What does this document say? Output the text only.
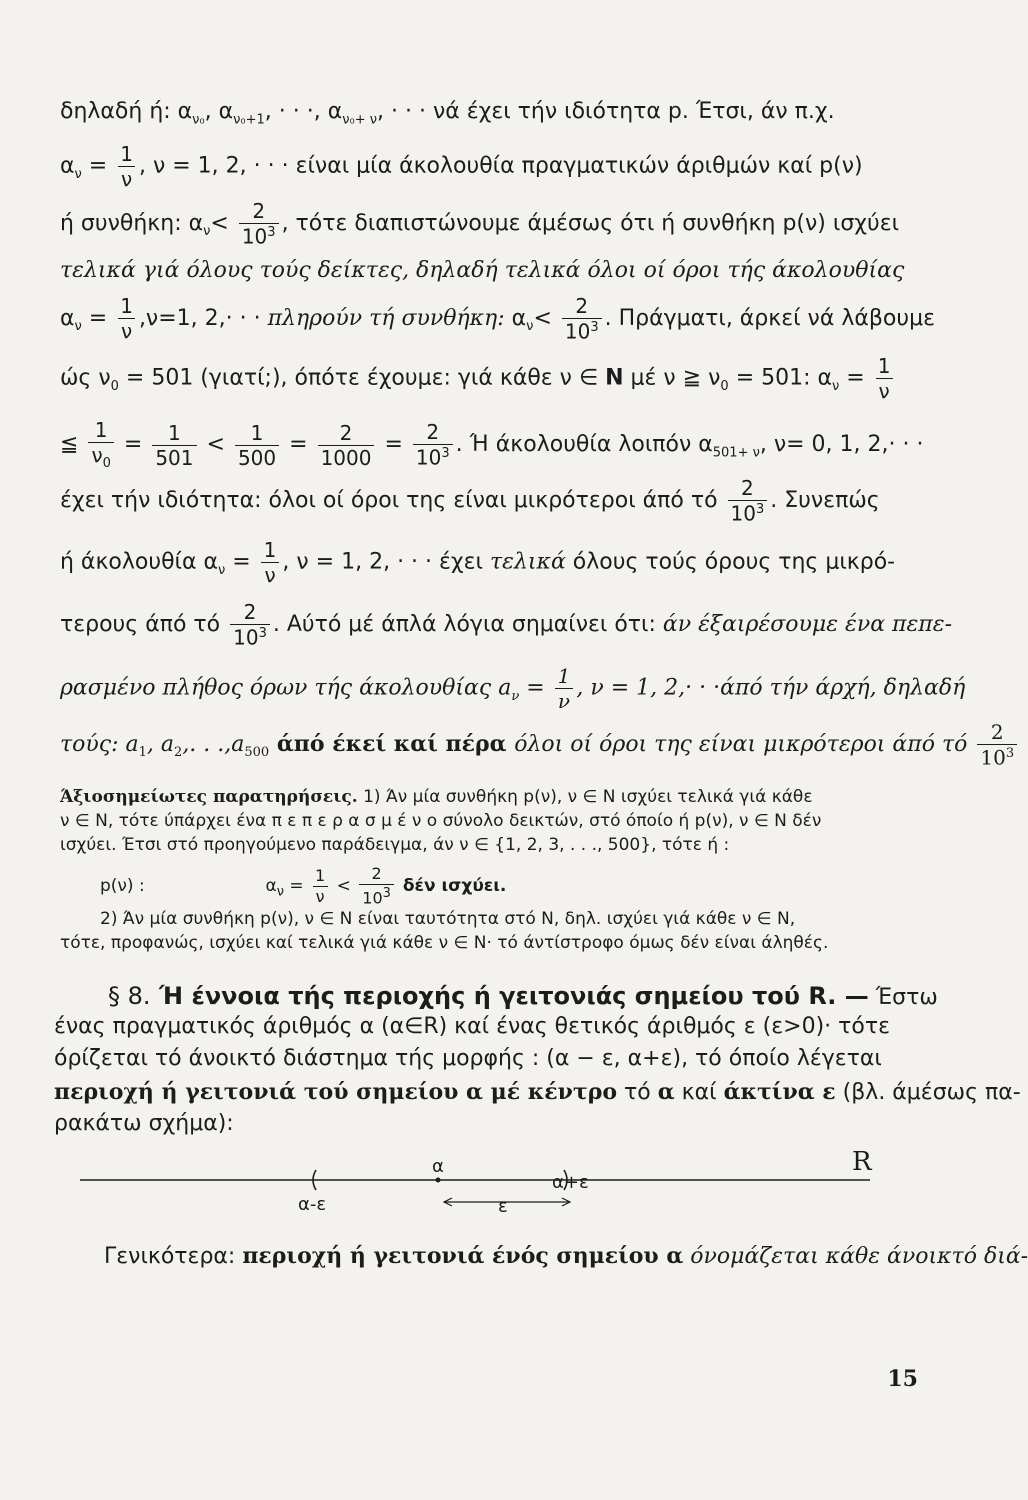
δηλαδή ή: $\alpha_{\nu_0}$, $\alpha_{\nu_0+1}$, · · ·, $\alpha_{\nu_0+ \nu}$, · · · νά έχει τήν ιδιότητα p. Έτσι, άν π.χ.
$\alpha_\nu = \frac{1}{\nu}$ , ν = 1, 2, · · · είναι μία άκολουθία πραγματικών άριθμών καί p(ν)
ή συνθήκη: $\alpha_\nu< \frac{2}{10^3}$ , τότε διαπιστώνουμε άμέσως ότι ή συνθήκη p(ν) ισχύει
τελικά γιά όλους τούς δείκτες, δηλαδή τελικά όλοι οί όροι τής άκολουθίας
$\alpha_\nu = \frac{1}{\nu} ,\nu=1$, 2,· · · πληρούν τή συνθήκη: $\alpha_\nu< \frac{2}{10^3}$ . Πράγματι, άρκεί νά λάβουμε
ώς $\nu_0 = 501$ (γιατί;), όπότε έχουμε: γιά κάθε ν ∈ N μέ ν ≧ $\nu_0 = 501$: $\alpha_\nu = \frac{1}{\nu}$
≦ $\frac{1}{\nu_0} = \frac{1}{501} < \frac{1}{500} = \frac{2}{1000} = \frac{2}{10^3}$ . Ή άκολουθία λοιπόν $\alpha_{501+ \nu}$, ν= 0, 1, 2,· · ·
έχει τήν ιδιότητα: όλοι οί όροι της είναι μικρότεροι άπό τό $\frac{2}{10^3}$ . Συνεπώς
ή άκολουθία $\alpha_\nu = \frac{1}{\nu}$ , ν = 1, 2, · · · έχει τελικά όλους τούς όρους της μικρό-
τερους άπό τό $\frac{2}{10^3}$ . Αύτό μέ άπλά λόγια σημαίνει ότι: άν έξαιρέσουμε ένα πεπε-
ρασμένο πλήθος όρων τής άκολουθίας $a_\nu = \frac{1}{\nu}$ , ν = 1, 2,· · ·άπό τήν άρχή, δηλαδή
τούς: $a_1$, $a_2$,. . $.,a_{500}$ άπό έκεί καί πέρα όλοι οί όροι της είναι μικρότεροι άπό τό $\frac{2}{10^3}$
Άξιοσημείωτες παρατηρήσεις. 1) Άν μία συνθήκη p(ν), ν ∈ N ισχύει τελικά γιά κάθε
ν ∈ N, τότε ύπάρχει ένα π ε π ε ρ α σ μ έ ν ο σύνολο δεικτών, στό όποίο ή p(ν), ν ∈ N δέν
ισχύει. Έτσι στό προηγούμενο παράδειγμα, άν ν ∈ {1, 2, 3, . . ., 500}, τότε ή :
p(ν) :	$\alpha_\nu = \frac{1}{\nu} < \frac{2}{10^3}$ δέν ισχύει.
2) Άν μία συνθήκη p(ν), ν ∈ N είναι ταυτότητα στό N, δηλ. ισχύει γιά κάθε ν ∈ N,
τότε, προφανώς, ισχύει καί τελικά γιά κάθε ν ∈ N· τό άντίστροφο όμως δέν είναι άληθές.
§ 8. Ή έννοια τής περιοχής ή γειτονιάς σημείου τού R. — Έστω
ένας πραγματικός άριθμός α (α∈R) καί ένας θετικός άριθμός ε (ε>0)· τότε
όρίζεται τό άνοικτό διάστημα τής μορφής : (α − ε, α+ε), τό όποίο λέγεται
περιοχή ή γειτονιά τού σημείου α μέ κέντρο τό α καί άκτίνα ε (βλ. άμέσως πα-
ρακάτω σχήμα):
R
α-ε
α
α+ε
ε
Γενικότερα: περιοχή ή γειτονιά ένός σημείου α όνομάζεται κάθε άνοικτό διά-
15
